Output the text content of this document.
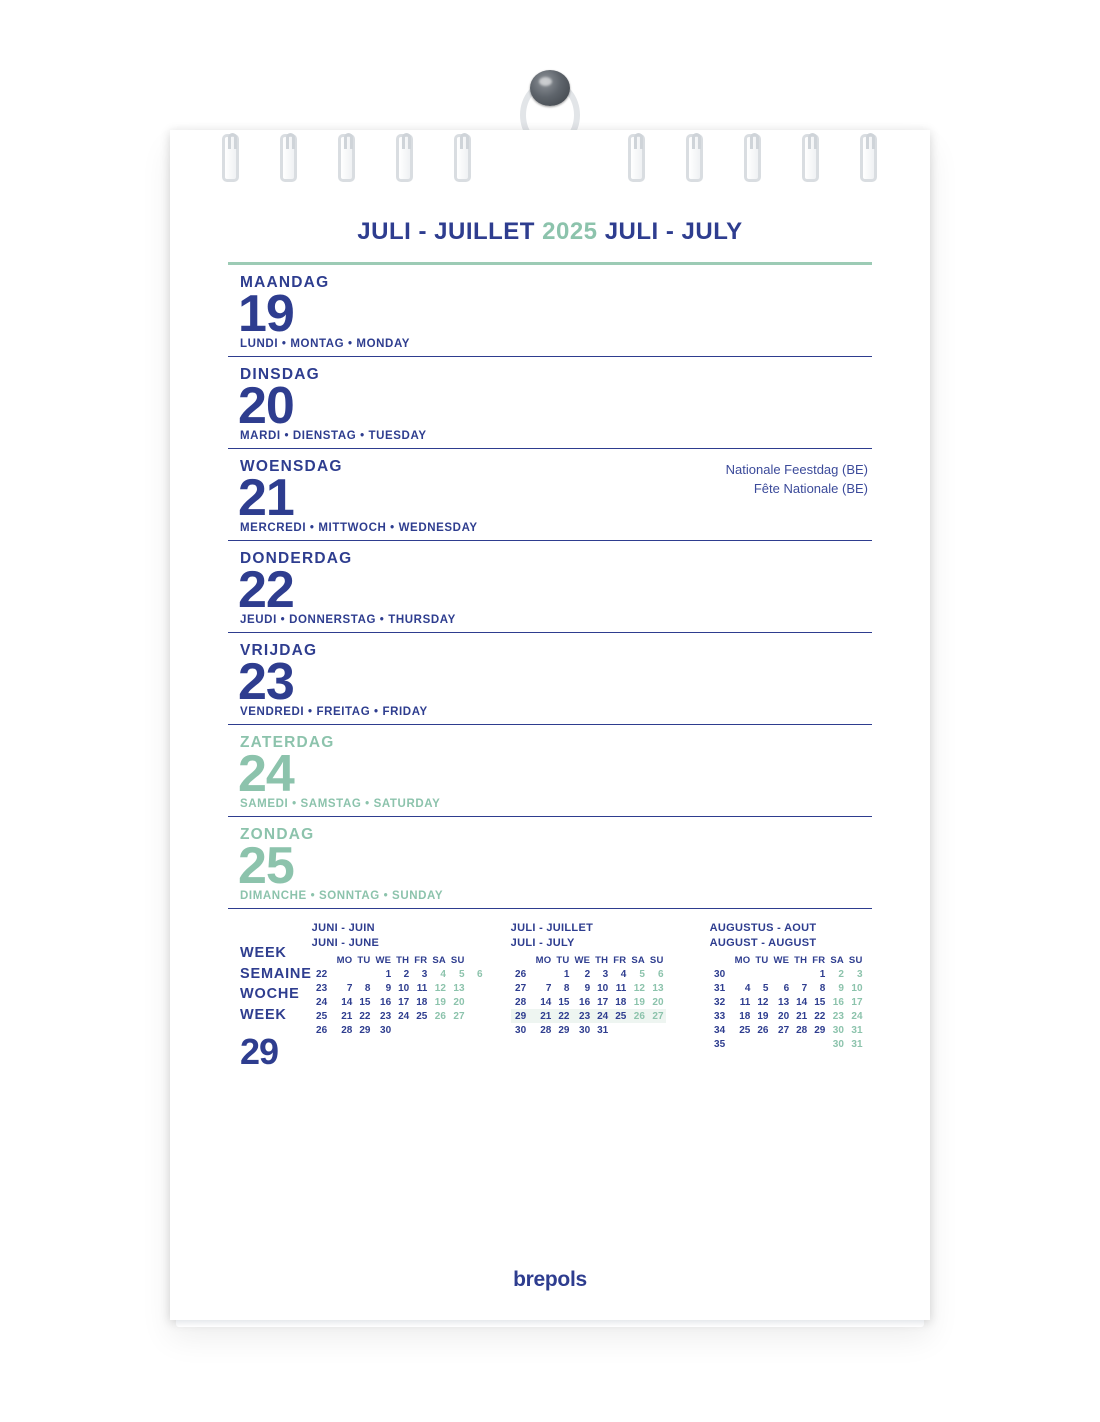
JULI - JUILLET 2025 JULI - JULY
MAANDAG
19
LUNDI • MONTAG • MONDAY
DINSDAG
20
MARDI • DIENSTAG • TUESDAY
WOENSDAG
21
MERCREDI • MITTWOCH • WEDNESDAY
Nationale Feestdag (BE)
Fête Nationale (BE)
DONDERDAG
22
JEUDI • DONNERSTAG • THURSDAY
VRIJDAG
23
VENDREDI • FREITAG • FRIDAY
ZATERDAG
24
SAMEDI • SAMSTAG • SATURDAY
ZONDAG
25
DIMANCHE • SONNTAG • SUNDAY
WEEK
SEMAINE
WOCHE
WEEK
29
JUNI - JUIN
JUNI - JUNE
	MO	TU	WE	TH	FR	SA	SU	
22			1	2	3	4	5	6
23	7	8	9	10	11	12	13	
24	14	15	16	17	18	19	20	
25	21	22	23	24	25	26	27	
26	28	29	30					
JULI - JUILLET
JULI - JULY
	MO	TU	WE	TH	FR	SA	SU
26		1	2	3	4	5	6
27	7	8	9	10	11	12	13
28	14	15	16	17	18	19	20
29	21	22	23	24	25	26	27
30	28	29	30	31			
AUGUSTUS - AOUT
AUGUST - AUGUST
	MO	TU	WE	TH	FR	SA	SU
30					1	2	3
31	4	5	6	7	8	9	10
32	11	12	13	14	15	16	17
33	18	19	20	21	22	23	24
34	25	26	27	28	29	30	31
35						30	31
brepols
